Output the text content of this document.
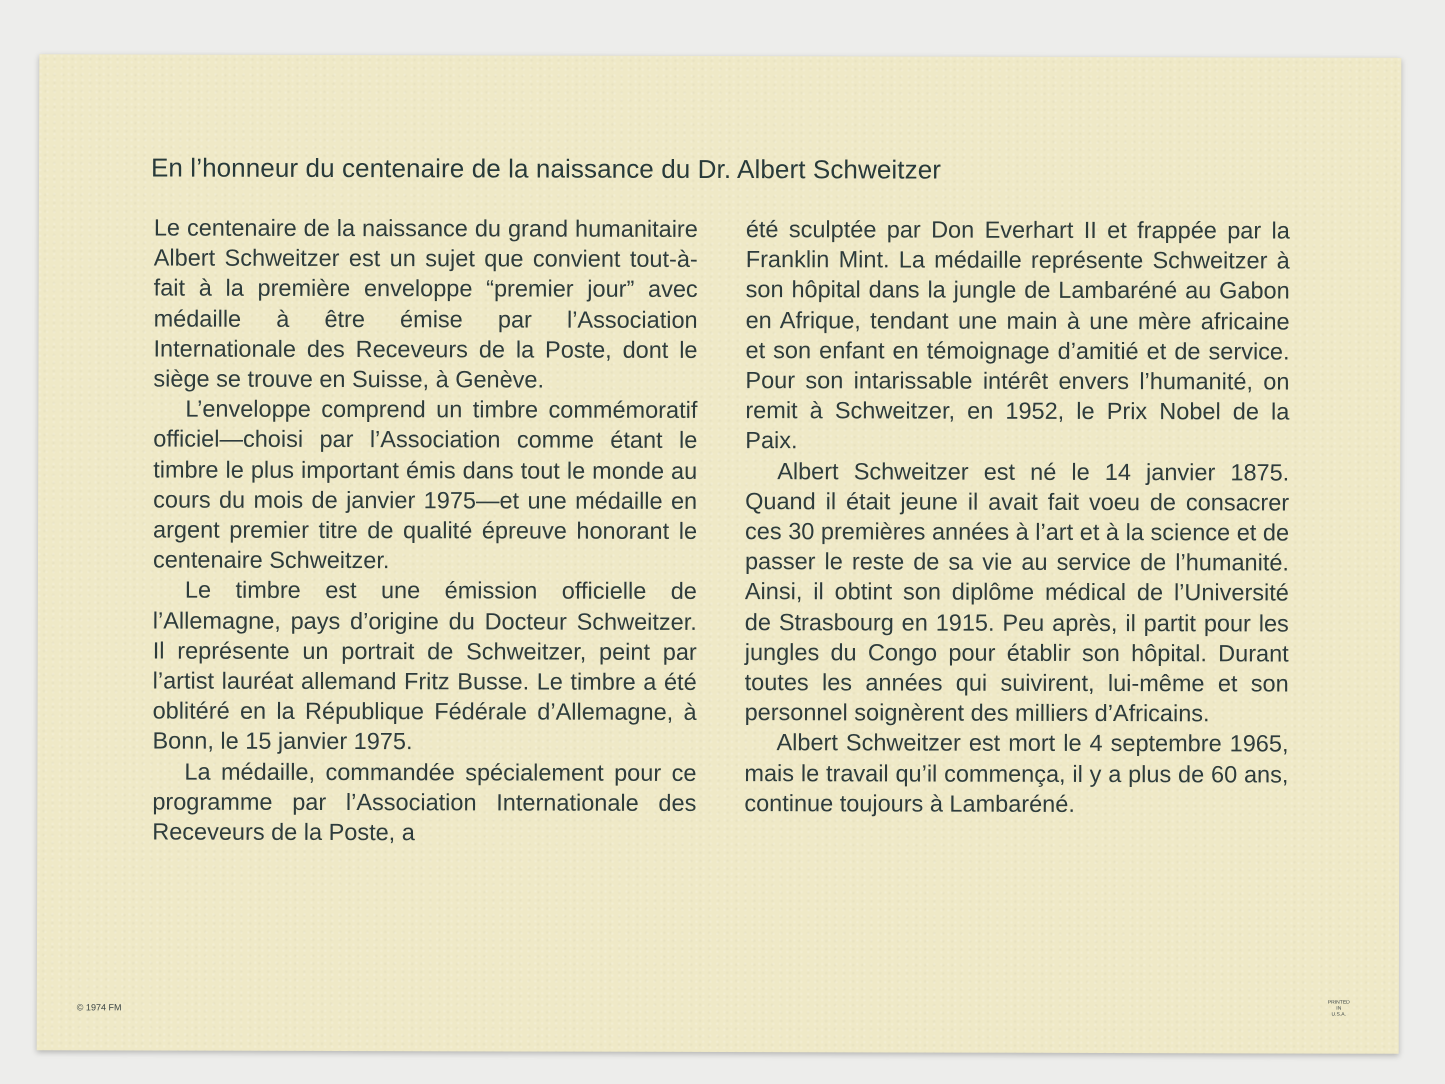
En l’honneur du centenaire de la naissance du Dr. Albert Schweitzer

Le centenaire de la naissance du grand humanitaire Albert Schweitzer est un sujet que convient tout-à-fait à la première enveloppe “premier jour” avec médaille à être émise par l’Association Internationale des Receveurs de la Poste, dont le siège se trouve en Suisse, à Genève.

L’enveloppe comprend un timbre commémoratif officiel—choisi par l’Association comme étant le timbre le plus important émis dans tout le monde au cours du mois de janvier 1975—et une médaille en argent premier titre de qualité épreuve honorant le centenaire Schweitzer.

Le timbre est une émission officielle de l’Allemagne, pays d’origine du Docteur Schweitzer. Il représente un portrait de Schweitzer, peint par l’artist lauréat allemand Fritz Busse. Le timbre a été oblitéré en la République Fédérale d’Allemagne, à Bonn, le 15 janvier 1975.

La médaille, commandée spécialement pour ce programme par l’Association Internationale des Receveurs de la Poste, a

été sculptée par Don Everhart II et frappée par la Franklin Mint. La médaille représente Schweitzer à son hôpital dans la jungle de Lambaréné au Gabon en Afrique, tendant une main à une mère africaine et son enfant en témoignage d’amitié et de service. Pour son intarissable intérêt envers l’humanité, on remit à Schweitzer, en 1952, le Prix Nobel de la Paix.

Albert Schweitzer est né le 14 janvier 1875. Quand il était jeune il avait fait voeu de consacrer ces 30 premières années à l’art et à la science et de passer le reste de sa vie au service de l’humanité. Ainsi, il obtint son diplôme médical de l’Université de Strasbourg en 1915. Peu après, il partit pour les jungles du Congo pour établir son hôpital. Durant toutes les années qui suivirent, lui-même et son personnel soignèrent des milliers d’Africains.

Albert Schweitzer est mort le 4 septembre 1965, mais le travail qu’il commença, il y a plus de 60 ans, continue toujours à Lambaréné.

© 1974 FM	PRINTED
IN
U.S.A.
